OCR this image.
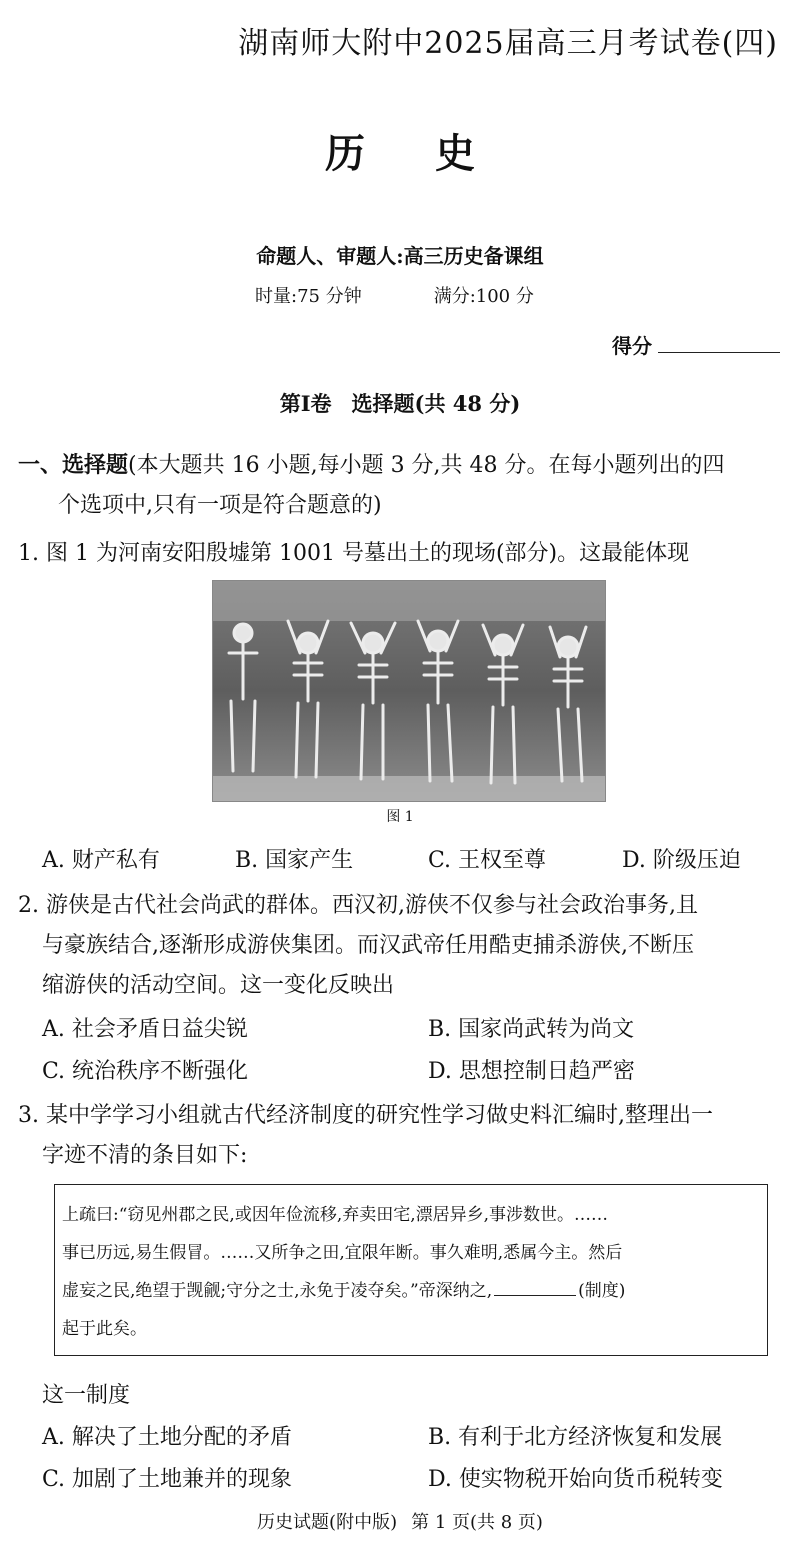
湖南师大附中2025届高三月考试卷(四)
历史
命题人、审题人:高三历史备课组
时量:75 分钟	满分:100 分
得分
第Ⅰ卷 选择题(共 48 分)
一、选择题(本大题共 16 小题,每小题 3 分,共 48 分。在每小题列出的四
个选项中,只有一项是符合题意的)
1. 图 1 为河南安阳殷墟第 1001 号墓出土的现场(部分)。这最能体现
图 1
A. 财产私有	B. 国家产生	C. 王权至尊	D. 阶级压迫
2. 游侠是古代社会尚武的群体。西汉初,游侠不仅参与社会政治事务,且
与豪族结合,逐渐形成游侠集团。而汉武帝任用酷吏捕杀游侠,不断压
缩游侠的活动空间。这一变化反映出
A. 社会矛盾日益尖锐	B. 国家尚武转为尚文
C. 统治秩序不断强化	D. 思想控制日趋严密
3. 某中学学习小组就古代经济制度的研究性学习做史料汇编时,整理出一
字迹不清的条目如下:
上疏曰:“窃见州郡之民,或因年俭流移,弃卖田宅,漂居异乡,事涉数世。……
事已历远,易生假冒。……又所争之田,宜限年断。事久难明,悉属今主。然后
虚妄之民,绝望于觊觎;守分之士,永免于凌夺矣。”帝深纳之,	(制度)
起于此矣。
这一制度
A. 解决了土地分配的矛盾	B. 有利于北方经济恢复和发展
C. 加剧了土地兼并的现象	D. 使实物税开始向货币税转变
历史试题(附中版) 第 1 页(共 8 页)
